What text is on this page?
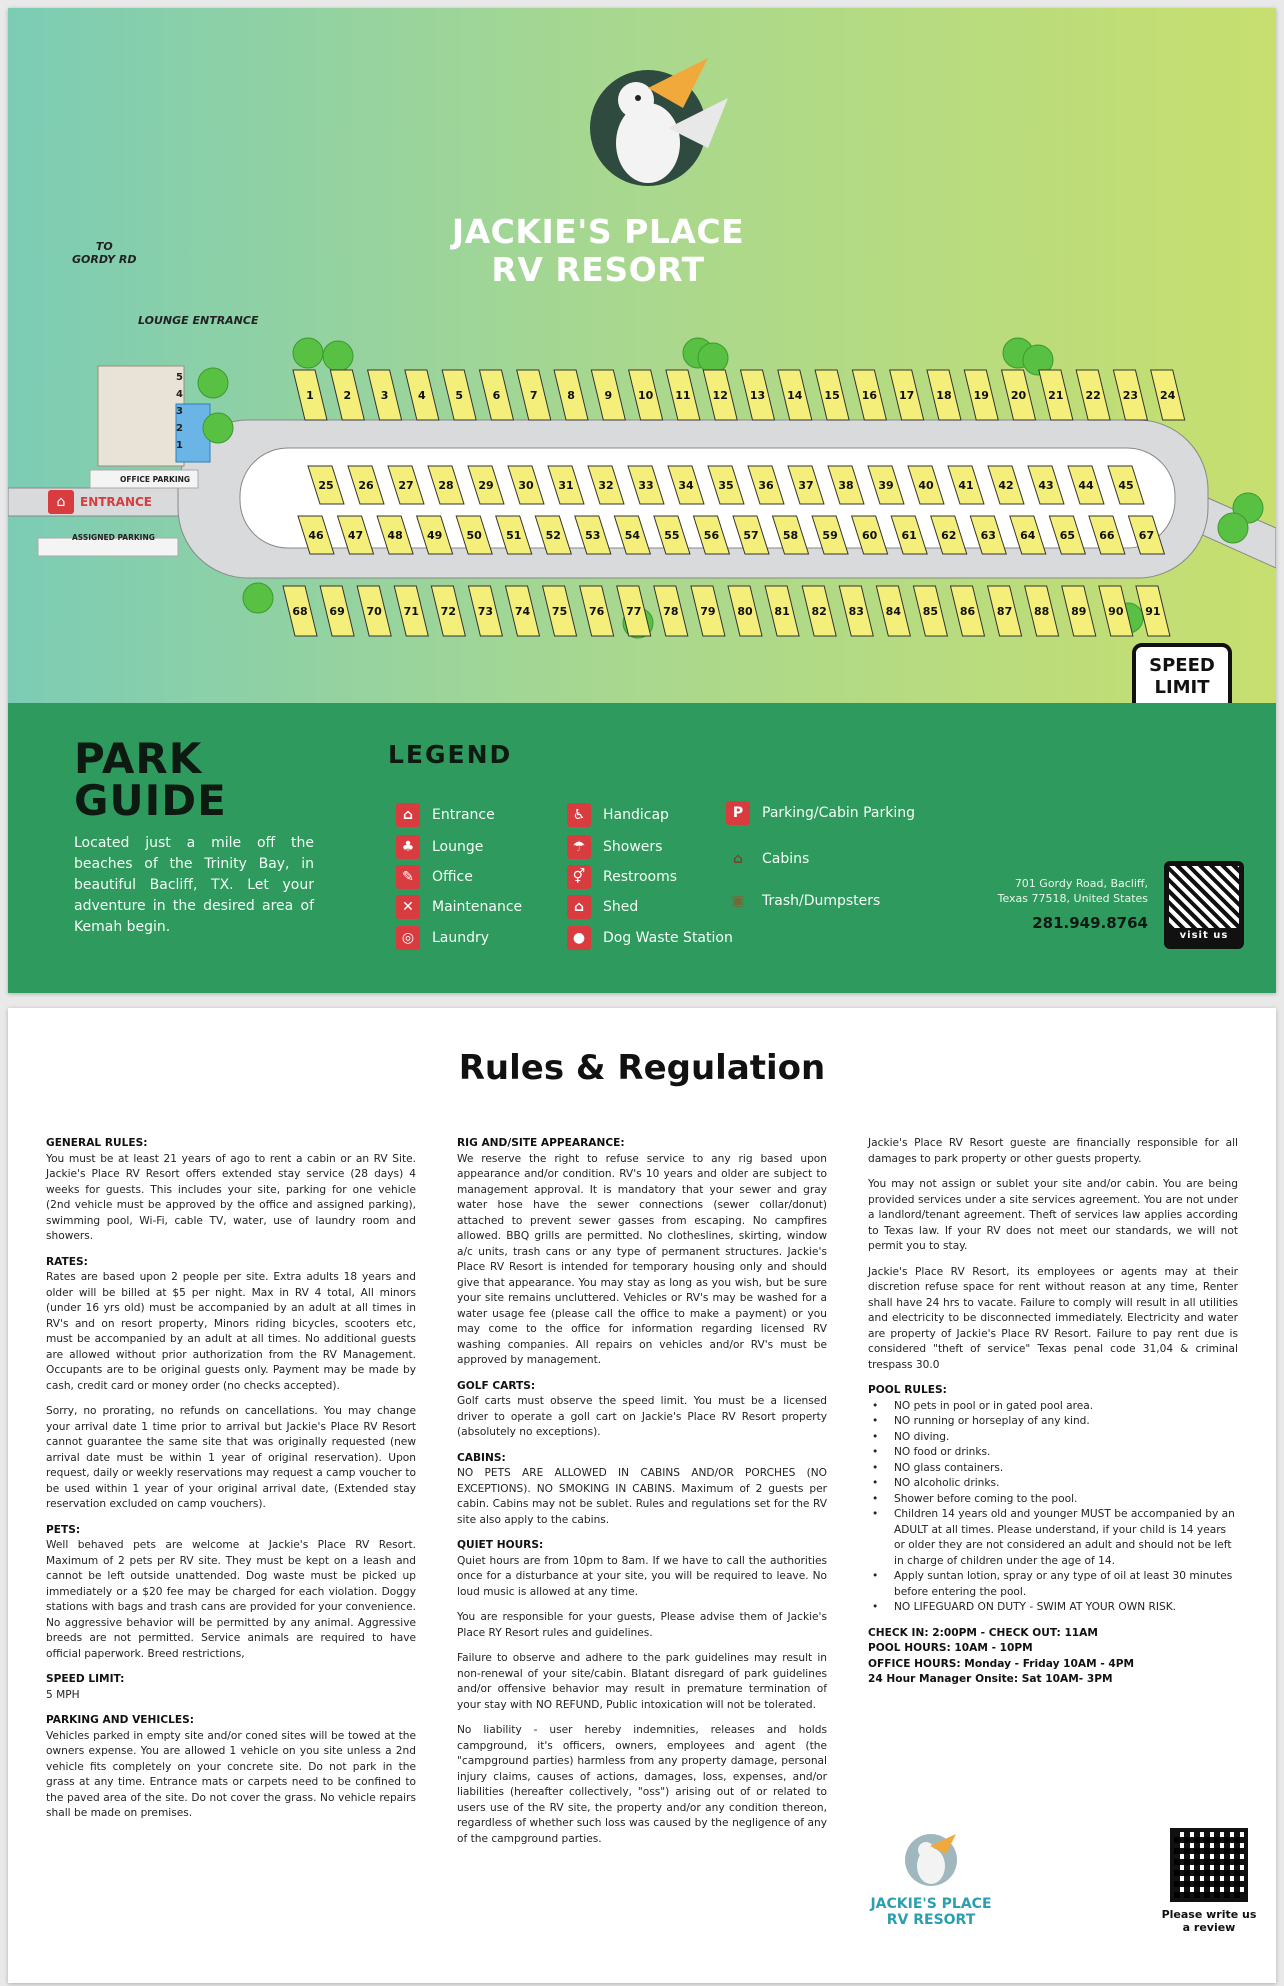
1	2	3	4	5	6	7	8	9 10 11 12 13 14 15 16 17 18 19 20 21 22 23 24
25 26 27 28 29 30 31 32 33 34 35 36 37 38 39 40 41 42 43 44 45
46 47 48 49 50 51 52 53 54 55 56 57 58 59 60 61 62 63 64 65 66 67
68 69 70 71 72 73 74 75 76 77 78 79 80 81 82 83 84 85 86 87 88 89 90 91
5
4
3
2
1
TO
GORDY RD
LOUNGE ENTRANCE
OFFICE PARKING
⌂	ENTRANCE
ASSIGNED PARKING
JACKIE'S PLACE
RV RESORT
SPEED
LIMIT
PARK
GUIDE
Located just a mile off the beaches of the Trinity Bay, in beautiful Bacliff, TX. Let your adventure in the desired area of Kemah begin.
LEGEND
⌂	Entrance
♣	Lounge
✎	Office
✕	Maintenance
◎	Laundry
♿	Handicap
☂	Showers
⚥	Restrooms
⌂	Shed
●	Dog Waste Station
P	Parking/Cabin Parking
⌂	Cabins
▣	Trash/Dumpsters
701 Gordy Road, Bacliff,
Texas 77518, United States
281.949.8764
visit us
Rules & Regulation
GENERAL RULES:

You must be at least 21 years of ago to rent a cabin or an RV Site. Jackie's Place RV Resort offers extended stay service (28 days) 4 weeks for guests. This includes your site, parking for one vehicle (2nd vehicle must be approved by the office and assigned parking), swimming pool, Wi-Fi, cable TV, water, use of laundry room and showers.

RATES:

Rates are based upon 2 people per site. Extra adults 18 years and older will be billed at $5 per night. Max in RV 4 total, All minors (under 16 yrs old) must be accompanied by an adult at all times in RV's and on resort property, Minors riding bicycles, scooters etc, must be accompanied by an adult at all times. No additional guests are allowed without prior authorization from the RV Management. Occupants are to be original guests only. Payment may be made by cash, credit card or money order (no checks accepted).

Sorry, no prorating, no refunds on cancellations. You may change your arrival date 1 time prior to arrival but Jackie's Place RV Resort cannot guarantee the same site that was originally requested (new arrival date must be within 1 year of original reservation). Upon request, daily or weekly reservations may request a camp voucher to be used within 1 year of your original arrival date, (Extended stay reservation excluded on camp vouchers).

PETS:

Well behaved pets are welcome at Jackie's Place RV Resort. Maximum of 2 pets per RV site. They must be kept on a leash and cannot be left outside unattended. Dog waste must be picked up immediately or a $20 fee may be charged for each violation. Doggy stations with bags and trash cans are provided for your convenience. No aggressive behavior will be permitted by any animal. Aggressive breeds are not permitted. Service animals are required to have official paperwork. Breed restrictions,

SPEED LIMIT:

5 MPH

PARKING AND VEHICLES:

Vehicles parked in empty site and/or coned sites will be towed at the owners expense. You are allowed 1 vehicle on you site unless a 2nd vehicle fits completely on your concrete site. Do not park in the grass at any time. Entrance mats or carpets need to be confined to the paved area of the site. Do not cover the grass. No vehicle repairs shall be made on premises.

RIG AND/SITE APPEARANCE:

We reserve the right to refuse service to any rig based upon appearance and/or condition. RV's 10 years and older are subject to management approval. It is mandatory that your sewer and gray water hose have the sewer connections (sewer collar/donut) attached to prevent sewer gasses from escaping. No campfires allowed. BBQ grills are permitted. No clotheslines, skirting, window a/c units, trash cans or any type of permanent structures. Jackie's Place RV Resort is intended for temporary housing only and should give that appearance. You may stay as long as you wish, but be sure your site remains uncluttered. Vehicles or RV's may be washed for a water usage fee (please call the office to make a payment) or you may come to the office for information regarding licensed RV washing companies. All repairs on vehicles and/or RV's must be approved by management.

GOLF CARTS:

Golf carts must observe the speed limit. You must be a licensed driver to operate a goll cart on Jackie's Place RV Resort property (absolutely no exceptions).

CABINS:

NO PETS ARE ALLOWED IN CABINS AND/OR PORCHES (NO EXCEPTIONS). NO SMOKING IN CABINS. Maximum of 2 guests per cabin. Cabins may not be sublet. Rules and regulations set for the RV site also apply to the cabins.

QUIET HOURS:

Quiet hours are from 10pm to 8am. If we have to call the authorities once for a disturbance at your site, you will be required to leave. No loud music is allowed at any time.

You are responsible for your guests, Please advise them of Jackie's Place RY Resort rules and guidelines.

Failure to observe and adhere to the park guidelines may result in non-renewal of your site/cabin. Blatant disregard of park guidelines and/or offensive behavior may result in premature termination of your stay with NO REFUND, Public intoxication will not be tolerated.

No liability - user hereby indemnities, releases and holds campground, it's officers, owners, employees and agent (the "campground parties) harmless from any property damage, personal injury claims, causes of actions, damages, loss, expenses, and/or liabilities (hereafter collectively, "oss") arising out of or related to users use of the RV site, the property and/or any condition thereon, regardless of whether such loss was caused by the negligence of any of the campground parties.

Jackie's Place RV Resort gueste are financially responsible for all damages to park property or other guests property.

You may not assign or sublet your site and/or cabin. You are being provided services under a site services agreement. You are not under a landlord/tenant agreement. Theft of services law applies according to Texas law. If your RV does not meet our standards, we will not permit you to stay.

Jackie's Place RV Resort, its employees or agents may at their discretion refuse space for rent without reason at any time, Renter shall have 24 hrs to vacate. Failure to comply will result in all utilities and electricity to be disconnected immediately. Electricity and water are property of Jackie's Place RV Resort. Failure to pay rent due is considered "theft of service" Texas penal code 31,04 & criminal trespass 30.0

POOL RULES:
• NO pets in pool or in gated pool area.
• NO running or horseplay of any kind.
• NO diving.
• NO food or drinks.
• NO glass containers.
• NO alcoholic drinks.
• Shower before coming to the pool.
• Children 14 years old and younger MUST be accompanied by an ADULT at all times. Please understand, if your child is 14 years or older they are not considered an adult and should not be left in charge of children under the age of 14.
• Apply suntan lotion, spray or any type of oil at least 30 minutes before entering the pool.
• NO LIFEGUARD ON DUTY - SWIM AT YOUR OWN RISK.
CHECK IN: 2:00PM - CHECK OUT: 11AM
POOL HOURS: 10AM - 10PM
OFFICE HOURS: Monday - Friday 10AM - 4PM
24 Hour Manager Onsite: Sat 10AM- 3PM
JACKIE'S PLACE
RV RESORT	Please write us a review
